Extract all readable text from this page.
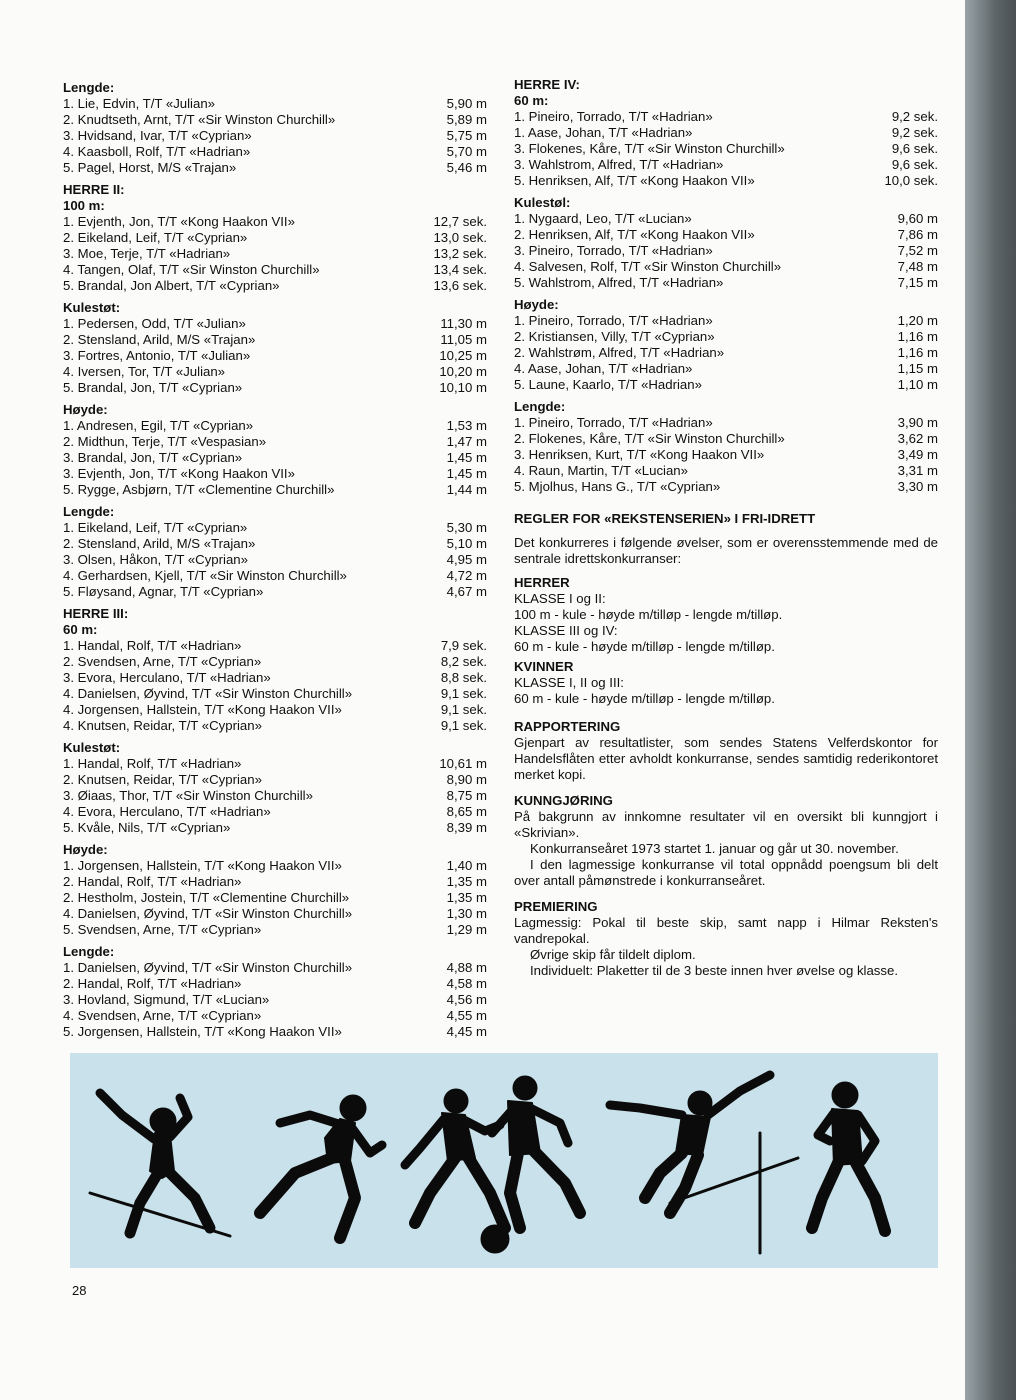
Lengde:
1. Lie, Edvin, T/T «Julian»	5,90 m
2. Knudtseth, Arnt, T/T «Sir Winston Churchill»	5,89 m
3. Hvidsand, Ivar, T/T «Cyprian»	5,75 m
4. Kaasboll, Rolf, T/T «Hadrian»	5,70 m
5. Pagel, Horst, M/S «Trajan»	5,46 m
HERRE II:
100 m:
1. Evjenth, Jon, T/T «Kong Haakon VII»	12,7 sek.
2. Eikeland, Leif, T/T «Cyprian»	13,0 sek.
3. Moe, Terje, T/T «Hadrian»	13,2 sek.
4. Tangen, Olaf, T/T «Sir Winston Churchill»	13,4 sek.
5. Brandal, Jon Albert, T/T «Cyprian»	13,6 sek.
Kulestøt:
1. Pedersen, Odd, T/T «Julian»	11,30 m
2. Stensland, Arild, M/S «Trajan»	11,05 m
3. Fortres, Antonio, T/T «Julian»	10,25 m
4. Iversen, Tor, T/T «Julian»	10,20 m
5. Brandal, Jon, T/T «Cyprian»	10,10 m
Høyde:
1. Andresen, Egil, T/T «Cyprian»	1,53 m
2. Midthun, Terje, T/T «Vespasian»	1,47 m
3. Brandal, Jon, T/T «Cyprian»	1,45 m
3. Evjenth, Jon, T/T «Kong Haakon VII»	1,45 m
5. Rygge, Asbjørn, T/T «Clementine Churchill»	1,44 m
Lengde:
1. Eikeland, Leif, T/T «Cyprian»	5,30 m
2. Stensland, Arild, M/S «Trajan»	5,10 m
3. Olsen, Håkon, T/T «Cyprian»	4,95 m
4. Gerhardsen, Kjell, T/T «Sir Winston Churchill»	4,72 m
5. Fløysand, Agnar, T/T «Cyprian»	4,67 m
HERRE III:
60 m:
1. Handal, Rolf, T/T «Hadrian»	7,9 sek.
2. Svendsen, Arne, T/T «Cyprian»	8,2 sek.
3. Evora, Herculano, T/T «Hadrian»	8,8 sek.
4. Danielsen, Øyvind, T/T «Sir Winston Churchill»	9,1 sek.
4. Jorgensen, Hallstein, T/T «Kong Haakon VII»	9,1 sek.
4. Knutsen, Reidar, T/T «Cyprian»	9,1 sek.
Kulestøt:
1. Handal, Rolf, T/T «Hadrian»	10,61 m
2. Knutsen, Reidar, T/T «Cyprian»	8,90 m
3. Øiaas, Thor, T/T «Sir Winston Churchill»	8,75 m
4. Evora, Herculano, T/T «Hadrian»	8,65 m
5. Kvåle, Nils, T/T «Cyprian»	8,39 m
Høyde:
1. Jorgensen, Hallstein, T/T «Kong Haakon VII»	1,40 m
2. Handal, Rolf, T/T «Hadrian»	1,35 m
2. Hestholm, Jostein, T/T «Clementine Churchill»	1,35 m
4. Danielsen, Øyvind, T/T «Sir Winston Churchill»	1,30 m
5. Svendsen, Arne, T/T «Cyprian»	1,29 m
Lengde:
1. Danielsen, Øyvind, T/T «Sir Winston Churchill»	4,88 m
2. Handal, Rolf, T/T «Hadrian»	4,58 m
3. Hovland, Sigmund, T/T «Lucian»	4,56 m
4. Svendsen, Arne, T/T «Cyprian»	4,55 m
5. Jorgensen, Hallstein, T/T «Kong Haakon VII»	4,45 m
HERRE IV:
60 m:
1. Pineiro, Torrado, T/T «Hadrian»	9,2 sek.
1. Aase, Johan, T/T «Hadrian»	9,2 sek.
3. Flokenes, Kåre, T/T «Sir Winston Churchill»	9,6 sek.
3. Wahlstrom, Alfred, T/T «Hadrian»	9,6 sek.
5. Henriksen, Alf, T/T «Kong Haakon VII»	10,0 sek.
Kulestøl:
1. Nygaard, Leo, T/T «Lucian»	9,60 m
2. Henriksen, Alf, T/T «Kong Haakon VII»	7,86 m
3. Pineiro, Torrado, T/T «Hadrian»	7,52 m
4. Salvesen, Rolf, T/T «Sir Winston Churchill»	7,48 m
5. Wahlstrom, Alfred, T/T «Hadrian»	7,15 m
Høyde:
1. Pineiro, Torrado, T/T «Hadrian»	1,20 m
2. Kristiansen, Villy, T/T «Cyprian»	1,16 m
2. Wahlstrøm, Alfred, T/T «Hadrian»	1,16 m
4. Aase, Johan, T/T «Hadrian»	1,15 m
5. Laune, Kaarlo, T/T «Hadrian»	1,10 m
Lengde:
1. Pineiro, Torrado, T/T «Hadrian»	3,90 m
2. Flokenes, Kåre, T/T «Sir Winston Churchill»	3,62 m
3. Henriksen, Kurt, T/T «Kong Haakon VII»	3,49 m
4. Raun, Martin, T/T «Lucian»	3,31 m
5. Mjolhus, Hans G., T/T «Cyprian»	3,30 m
REGLER FOR «REKSTENSERIEN» I FRI-IDRETT

Det konkurreres i følgende øvelser, som er overensstemmende med de sentrale idrettskonkurranser:

HERRER

KLASSE I og II:

100 m - kule - høyde m/tilløp - lengde m/tilløp.

KLASSE III og IV:

60 m - kule - høyde m/tilløp - lengde m/tilløp.

KVINNER

KLASSE I, II og III:

60 m - kule - høyde m/tilløp - lengde m/tilløp.

RAPPORTERING

Gjenpart av resultatlister, som sendes Statens Velferdskontor for Handelsflåten etter avholdt konkurranse, sendes samtidig rederikontoret merket kopi.

KUNNGJØRING

På bakgrunn av innkomne resultater vil en oversikt bli kunngjort i «Skrivian».

Konkurranseåret 1973 startet 1. januar og går ut 30. november.

I den lagmessige konkurranse vil total oppnådd poengsum bli delt over antall påmønstrede i konkurranseåret.

PREMIERING

Lagmessig: Pokal til beste skip, samt napp i Hilmar Reksten's vandrepokal.

Øvrige skip får tildelt diplom.

Individuelt: Plaketter til de 3 beste innen hver øvelse og klasse.

28
